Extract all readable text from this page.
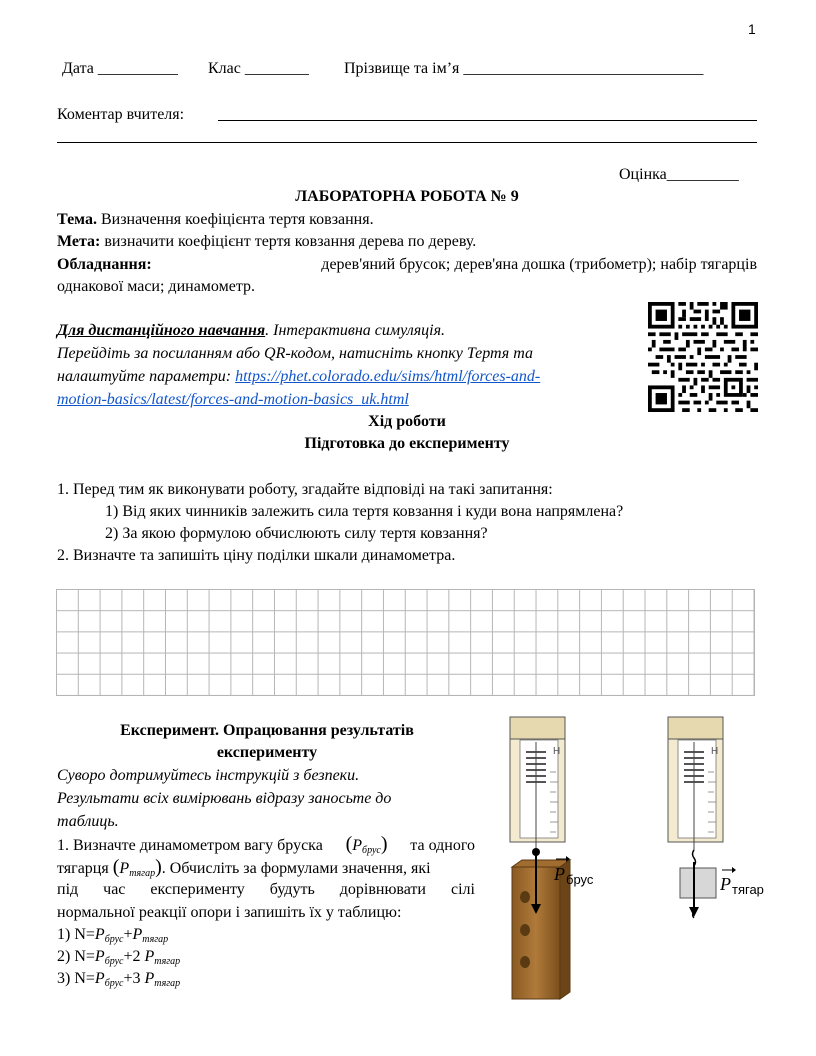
1
Дата __________ Клас ________ Прізвище та ім’я ______________________________
Коментар вчителя:
Оцінка_________
ЛАБОРАТОРНА РОБОТА № 9
Тема. Визначення коефіцієнта тертя ковзання.
Мета: визначити коефіцієнт тертя ковзання дерева по дереву.
Обладнання:	дерев'яний брусок; дерев'яна дошка (трибометр); набір тягарців
однакової маси; динамометр.
Для дистанційного навчання. Інтерактивна симуляція.
Перейдіть за посиланням або QR-кодом, натисніть кнопку Тертя та
налаштуйте параметри: https://phet.colorado.edu/sims/html/forces-and-
motion-basics/latest/forces-and-motion-basics_uk.html
Хід роботи
Підготовка до експерименту
1. Перед тим як виконувати роботу, згадайте відповіді на такі запитання:
1) Від яких чинників залежить сила тертя ковзання і куди вона напрямлена?
2) За якою формулою обчислюють силу тертя ковзання?
2. Визначте та запишіть ціну поділки шкали динамометра.
Експеримент. Опрацювання результатів
експерименту
Суворо дотримуйтесь інструкцій з безпеки.
Результати всіх вимірювань відразу заносьте до
таблиць.
1. Визначте динамометром вагу бруска $(P_{брус})$ та одного
тягарця $(P_{тягар})$. Обчисліть за формулами значення, які
під час експерименту будуть дорівнювати сілі
нормальної реакції опори і запишіть їх у таблицю:
1) $N=P_{брус}+P_{тягар}$
2) $N=P_{брус}+2$ $P_{тягар}$
3) $N=P_{брус}+3$ $P_{тягар}$
Н
P брус
Н
P тягар
